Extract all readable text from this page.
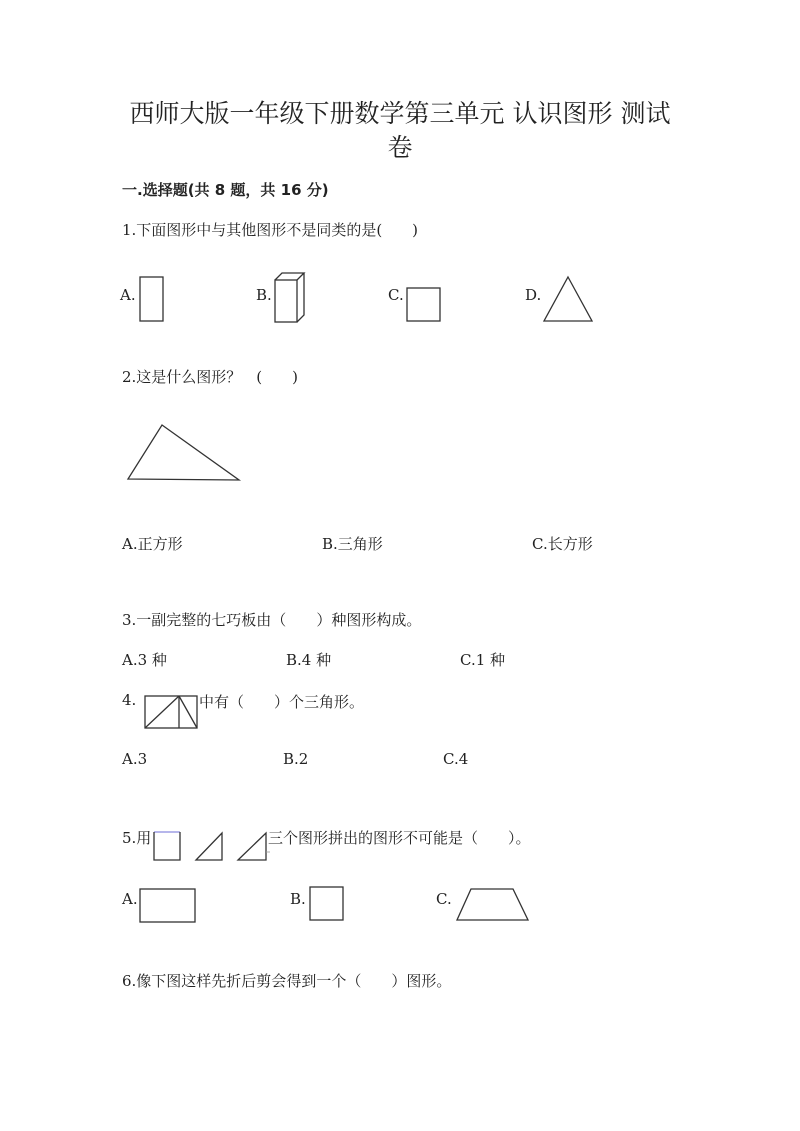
西师大版一年级下册数学第三单元 认识图形 测试
卷
一.选择题(共 8 题，共 16 分)
1.下面图形中与其他图形不是同类的是(　　)
A.	B.	C.	D.
2.这是什么图形？　(　　)
A.正方形	B.三角形	C.长方形
3.一副完整的七巧板由（　　）种图形构成。
A.3 种	B.4 种	C.1 种
4.	中有（　　）个三角形。
A.3	B.2	C.4
5.用	三个图形拼出的图形不可能是（　　）。
A.	B.	C.
6.像下图这样先折后剪会得到一个（　　）图形。
